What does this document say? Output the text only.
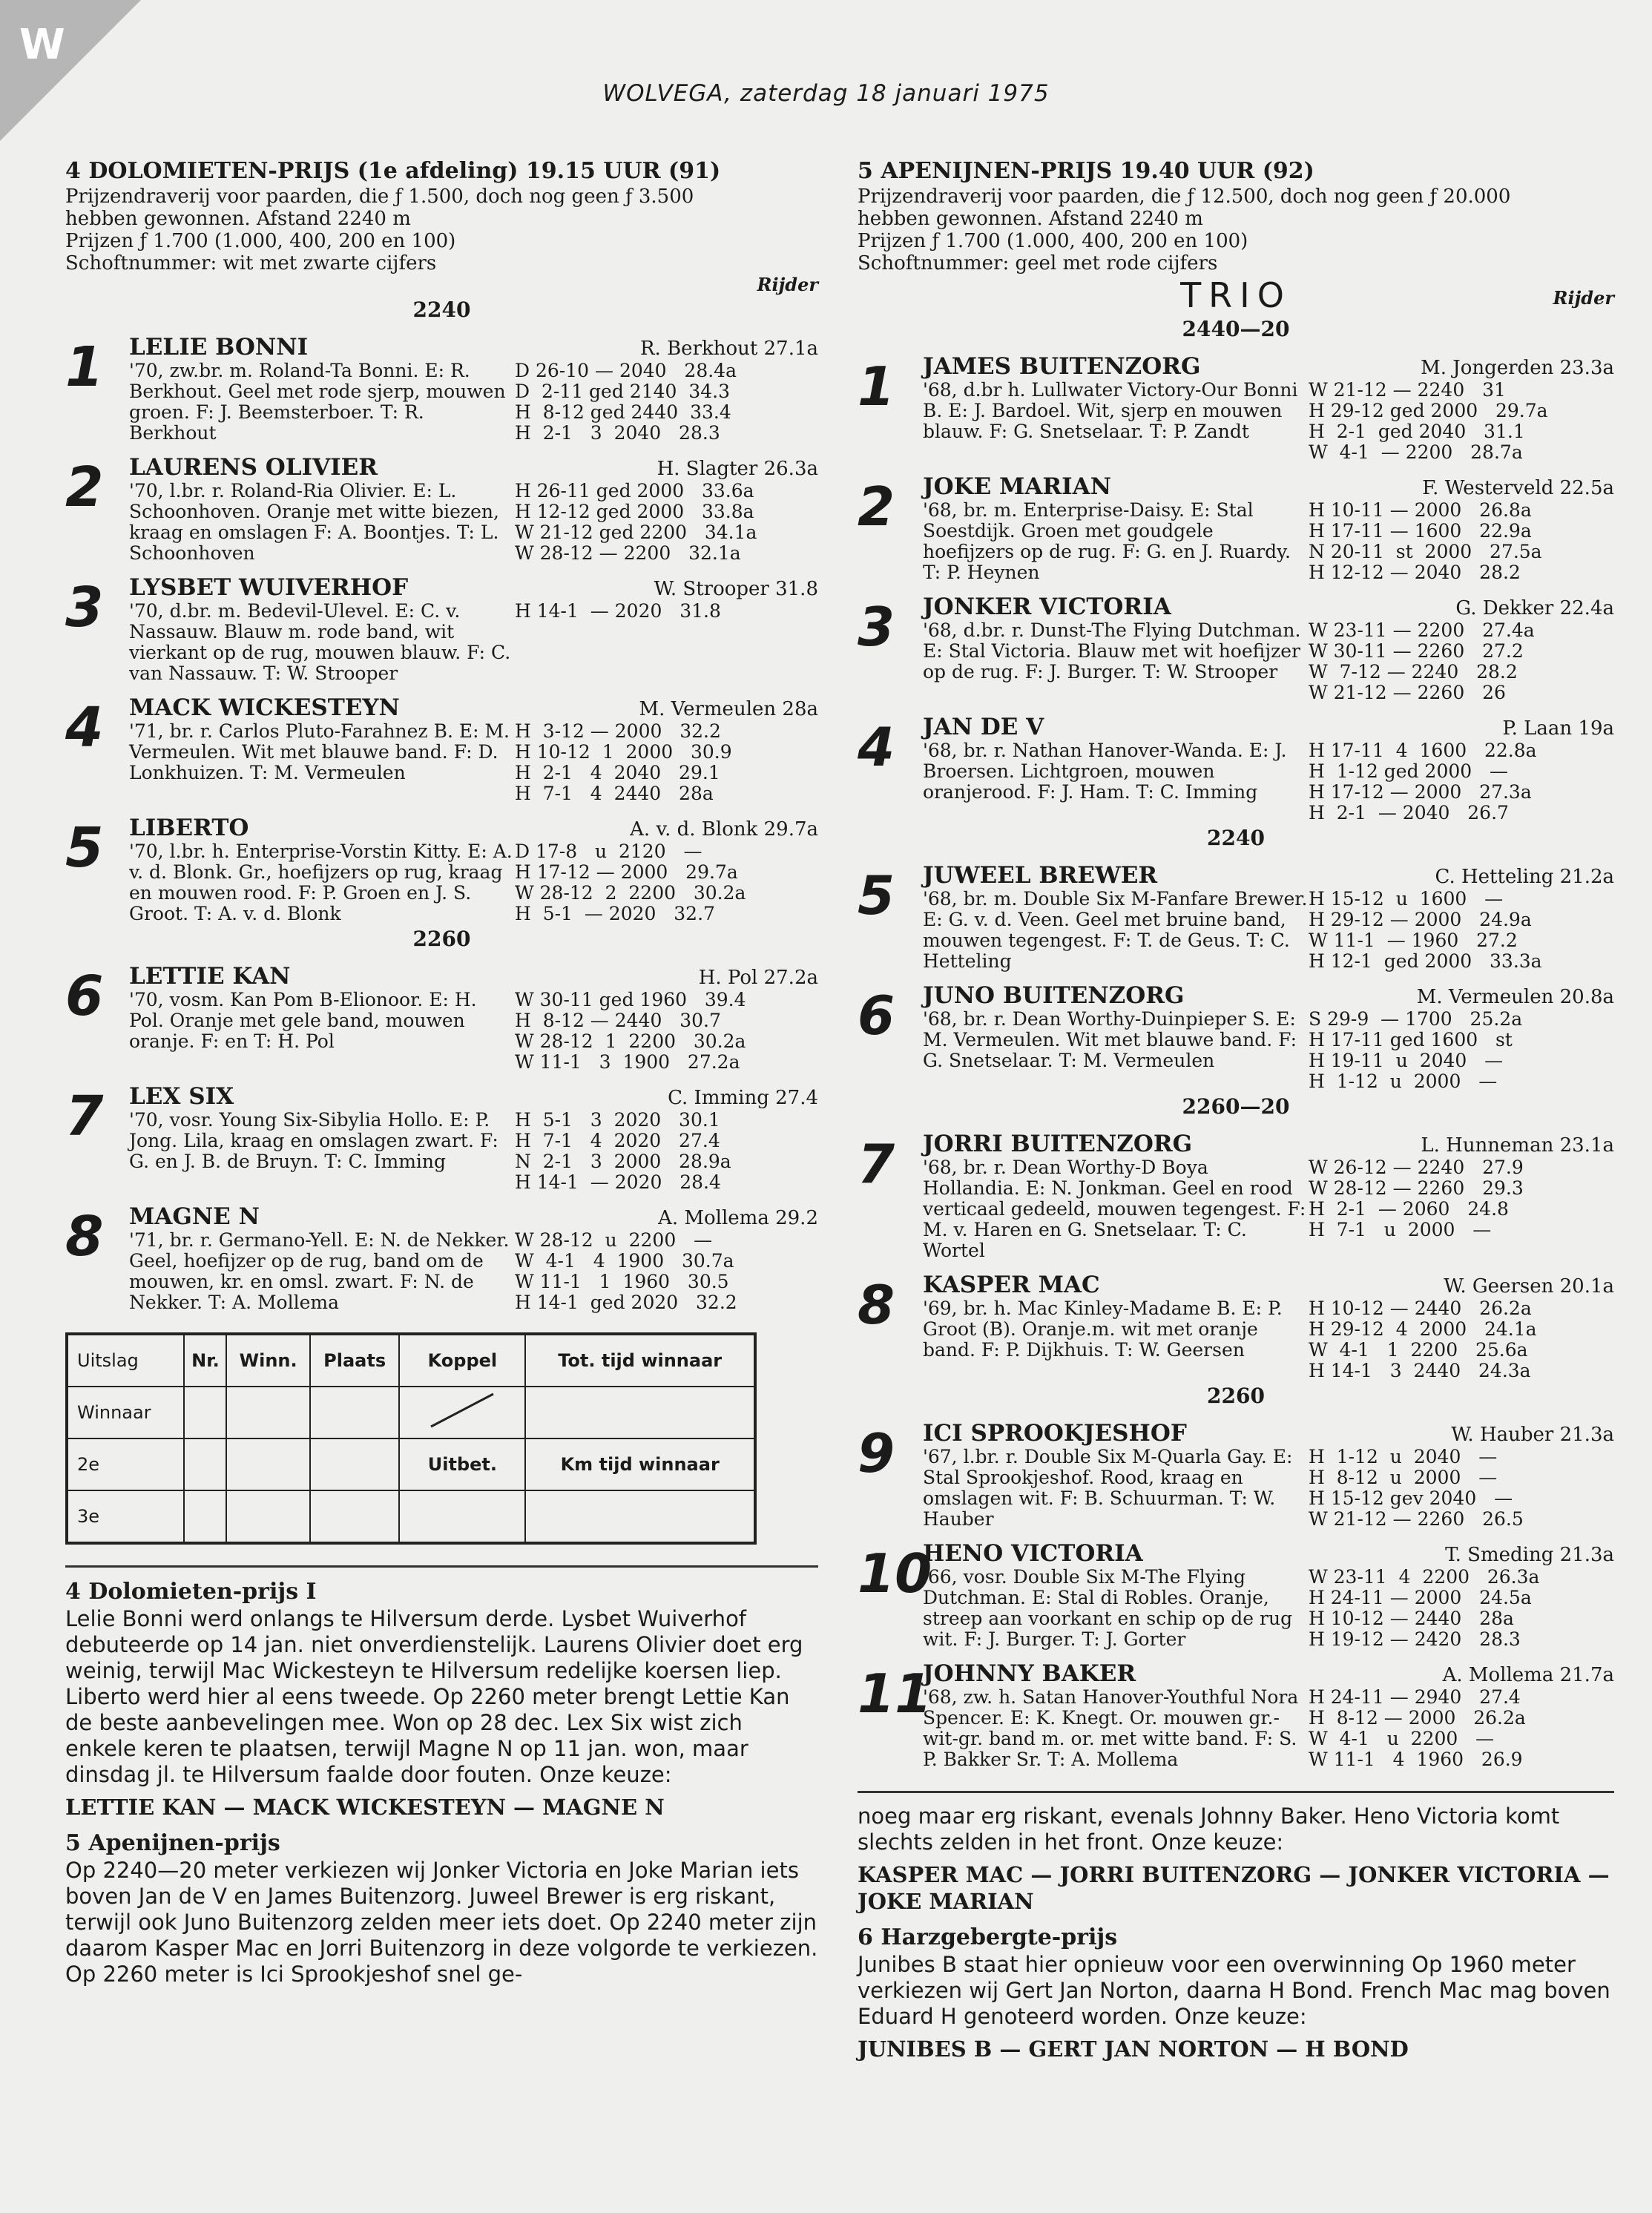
W
WOLVEGA, zaterdag 18 januari 1975
4 DOLOMIETEN-PRIJS (1e afdeling) 19.15 UUR (91)
Prijzendraverij voor paarden, die ƒ 1.500, doch nog geen ƒ 3.500
hebben gewonnen. Afstand 2240 m
Prijzen ƒ 1.700 (1.000, 400, 200 en 100)
Schoftnummer: wit met zwarte cijfers
Rijder
2240
1	LELIE BONNI	R. Berkhout 27.1a
'70, zw.br. m. Roland-Ta Bonni. E: R. Berkhout. Geel met rode sjerp, mouwen groen. F: J. Beemsterboer. T: R. Berkhout
D 26-10 — 2040   28.4a
D  2-11 ged 2140  34.3
H  8-12 ged 2440  33.4
H  2-1   3  2040   28.3
2	LAURENS OLIVIER	H. Slagter 26.3a
'70, l.br. r. Roland-Ria Olivier. E: L. Schoonhoven. Oranje met witte biezen, kraag en omslagen F: A. Boontjes. T: L. Schoonhoven
H 26-11 ged 2000   33.6a
H 12-12 ged 2000   33.8a
W 21-12 ged 2200   34.1a
W 28-12 — 2200   32.1a
3	LYSBET WUIVERHOF	W. Strooper 31.8
'70, d.br. m. Bedevil-Ulevel. E: C. v. Nassauw. Blauw m. rode band, wit vierkant op de rug, mouwen blauw. F: C. van Nassauw. T: W. Strooper
H 14-1  — 2020   31.8
4	MACK WICKESTEYN	M. Vermeulen 28a
'71, br. r. Carlos Pluto-Farahnez B. E: M. Vermeulen. Wit met blauwe band. F: D. Lonkhuizen. T: M. Vermeulen
H  3-12 — 2000   32.2
H 10-12  1  2000   30.9
H  2-1   4  2040   29.1
H  7-1   4  2440   28a
5	LIBERTO	A. v. d. Blonk 29.7a
'70, l.br. h. Enterprise-Vorstin Kitty. E: A. v. d. Blonk. Gr., hoefijzers op rug, kraag en mouwen rood. F: P. Groen en J. S. Groot. T: A. v. d. Blonk
D 17-8   u  2120   —
H 17-12 — 2000   29.7a
W 28-12  2  2200   30.2a
H  5-1  — 2020   32.7
2260
6	LETTIE KAN	H. Pol 27.2a
'70, vosm. Kan Pom B-Elionoor. E: H. Pol. Oranje met gele band, mouwen oranje. F: en T: H. Pol
W 30-11 ged 1960   39.4
H  8-12 — 2440   30.7
W 28-12  1  2200   30.2a
W 11-1   3  1900   27.2a
7	LEX SIX	C. Imming 27.4
'70, vosr. Young Six-Sibylia Hollo. E: P. Jong. Lila, kraag en omslagen zwart. F: G. en J. B. de Bruyn. T: C. Imming
H  5-1   3  2020   30.1
H  7-1   4  2020   27.4
N  2-1   3  2000   28.9a
H 14-1  — 2020   28.4
8	MAGNE N	A. Mollema 29.2
'71, br. r. Germano-Yell. E: N. de Nekker. Geel, hoefijzer op de rug, band om de mouwen, kr. en omsl. zwart. F: N. de Nekker. T: A. Mollema
W 28-12  u  2200   —
W  4-1   4  1900   30.7a
W 11-1   1  1960   30.5
H 14-1  ged 2020   32.2
Uitslag	Nr.	Winn.	Plaats	Koppel	Tot. tijd winnaar
Winnaar					
2e				Uitbet.	Km tijd winnaar
3e					
4 Dolomieten-prijs I
Lelie Bonni werd onlangs te Hilversum derde. Lysbet Wuiverhof debuteerde op 14 jan. niet onverdienstelijk. Laurens Olivier doet erg weinig, terwijl Mac Wickesteyn te Hilversum redelijke koersen liep. Liberto werd hier al eens tweede. Op 2260 meter brengt Lettie Kan de beste aanbevelingen mee. Won op 28 dec. Lex Six wist zich enkele keren te plaatsen, terwijl Magne N op 11 jan. won, maar dinsdag jl. te Hilversum faalde door fouten. Onze keuze:
LETTIE KAN — MACK WICKESTEYN — MAGNE N
5 Apenijnen-prijs
Op 2240—20 meter verkiezen wij Jonker Victoria en Joke Marian iets boven Jan de V en James Buitenzorg. Juweel Brewer is erg riskant, terwijl ook Juno Buitenzorg zelden meer iets doet. Op 2240 meter zijn daarom Kasper Mac en Jorri Buitenzorg in deze volgorde te verkiezen. Op 2260 meter is Ici Sprookjeshof snel ge-
5 APENIJNEN-PRIJS 19.40 UUR (92)
Prijzendraverij voor paarden, die ƒ 12.500, doch nog geen ƒ 20.000
hebben gewonnen. Afstand 2240 m
Prijzen ƒ 1.700 (1.000, 400, 200 en 100)
Schoftnummer: geel met rode cijfers
TRIO	Rijder
2440—20
1	JAMES BUITENZORG	M. Jongerden 23.3a
'68, d.br h. Lullwater Victory-Our Bonni B. E: J. Bardoel. Wit, sjerp en mouwen blauw. F: G. Snetselaar. T: P. Zandt
W 21-12 — 2240   31
H 29-12 ged 2000   29.7a
H  2-1  ged 2040   31.1
W  4-1  — 2200   28.7a
2	JOKE MARIAN	F. Westerveld 22.5a
'68, br. m. Enterprise-Daisy. E: Stal Soestdijk. Groen met goudgele hoefijzers op de rug. F: G. en J. Ruardy. T: P. Heynen
H 10-11 — 2000   26.8a
H 17-11 — 1600   22.9a
N 20-11  st  2000   27.5a
H 12-12 — 2040   28.2
3	JONKER VICTORIA	G. Dekker 22.4a
'68, d.br. r. Dunst-The Flying Dutchman. E: Stal Victoria. Blauw met wit hoefijzer op de rug. F: J. Burger. T: W. Strooper
W 23-11 — 2200   27.4a
W 30-11 — 2260   27.2
W  7-12 — 2240   28.2
W 21-12 — 2260   26
4	JAN DE V	P. Laan 19a
'68, br. r. Nathan Hanover-Wanda. E: J. Broersen. Lichtgroen, mouwen oranjerood. F: J. Ham. T: C. Imming
H 17-11  4  1600   22.8a
H  1-12 ged 2000   —
H 17-12 — 2000   27.3a
H  2-1  — 2040   26.7
2240
5	JUWEEL BREWER	C. Hetteling 21.2a
'68, br. m. Double Six M-Fanfare Brewer. E: G. v. d. Veen. Geel met bruine band, mouwen tegengest. F: T. de Geus. T: C. Hetteling
H 15-12  u  1600   —
H 29-12 — 2000   24.9a
W 11-1  — 1960   27.2
H 12-1  ged 2000   33.3a
6	JUNO BUITENZORG	M. Vermeulen 20.8a
'68, br. r. Dean Worthy-Duinpieper S. E: M. Vermeulen. Wit met blauwe band. F: G. Snetselaar. T: M. Vermeulen
S 29-9  — 1700   25.2a
H 17-11 ged 1600   st
H 19-11  u  2040   —
H  1-12  u  2000   —
2260—20
7	JORRI BUITENZORG	L. Hunneman 23.1a
'68, br. r. Dean Worthy-D Boya Hollandia. E: N. Jonkman. Geel en rood verticaal gedeeld, mouwen tegengest. F: M. v. Haren en G. Snetselaar. T: C. Wortel
W 26-12 — 2240   27.9
W 28-12 — 2260   29.3
H  2-1  — 2060   24.8
H  7-1   u  2000   —
8	KASPER MAC	W. Geersen 20.1a
'69, br. h. Mac Kinley-Madame B. E: P. Groot (B). Oranje.m. wit met oranje band. F: P. Dijkhuis. T: W. Geersen
H 10-12 — 2440   26.2a
H 29-12  4  2000   24.1a
W  4-1   1  2200   25.6a
H 14-1   3  2440   24.3a
2260
9	ICI SPROOKJESHOF	W. Hauber 21.3a
'67, l.br. r. Double Six M-Quarla Gay. E: Stal Sprookjeshof. Rood, kraag en omslagen wit. F: B. Schuurman. T: W. Hauber
H  1-12  u  2040   —
H  8-12  u  2000   —
H 15-12 gev 2040   —
W 21-12 — 2260   26.5
10
HENO VICTORIA	T. Smeding 21.3a
'66, vosr. Double Six M-The Flying Dutchman. E: Stal di Robles. Oranje, streep aan voorkant en schip op de rug wit. F: J. Burger. T: J. Gorter
W 23-11  4  2200   26.3a
H 24-11 — 2000   24.5a
H 10-12 — 2440   28a
H 19-12 — 2420   28.3
11
JOHNNY BAKER	A. Mollema 21.7a
'68, zw. h. Satan Hanover-Youthful Nora Spencer. E: K. Knegt. Or. mouwen gr.-wit-gr. band m. or. met witte band. F: S. P. Bakker Sr. T: A. Mollema
H 24-11 — 2940   27.4
H  8-12 — 2000   26.2a
W  4-1   u  2200   —
W 11-1   4  1960   26.9
noeg maar erg riskant, evenals Johnny Baker. Heno Victoria komt slechts zelden in het front. Onze keuze:
KASPER MAC — JORRI BUITENZORG — JONKER VICTORIA — JOKE MARIAN
6 Harzgebergte-prijs
Junibes B staat hier opnieuw voor een overwinning Op 1960 meter verkiezen wij Gert Jan Norton, daarna H Bond. French Mac mag boven Eduard H genoteerd worden. Onze keuze:
JUNIBES B — GERT JAN NORTON — H BOND
